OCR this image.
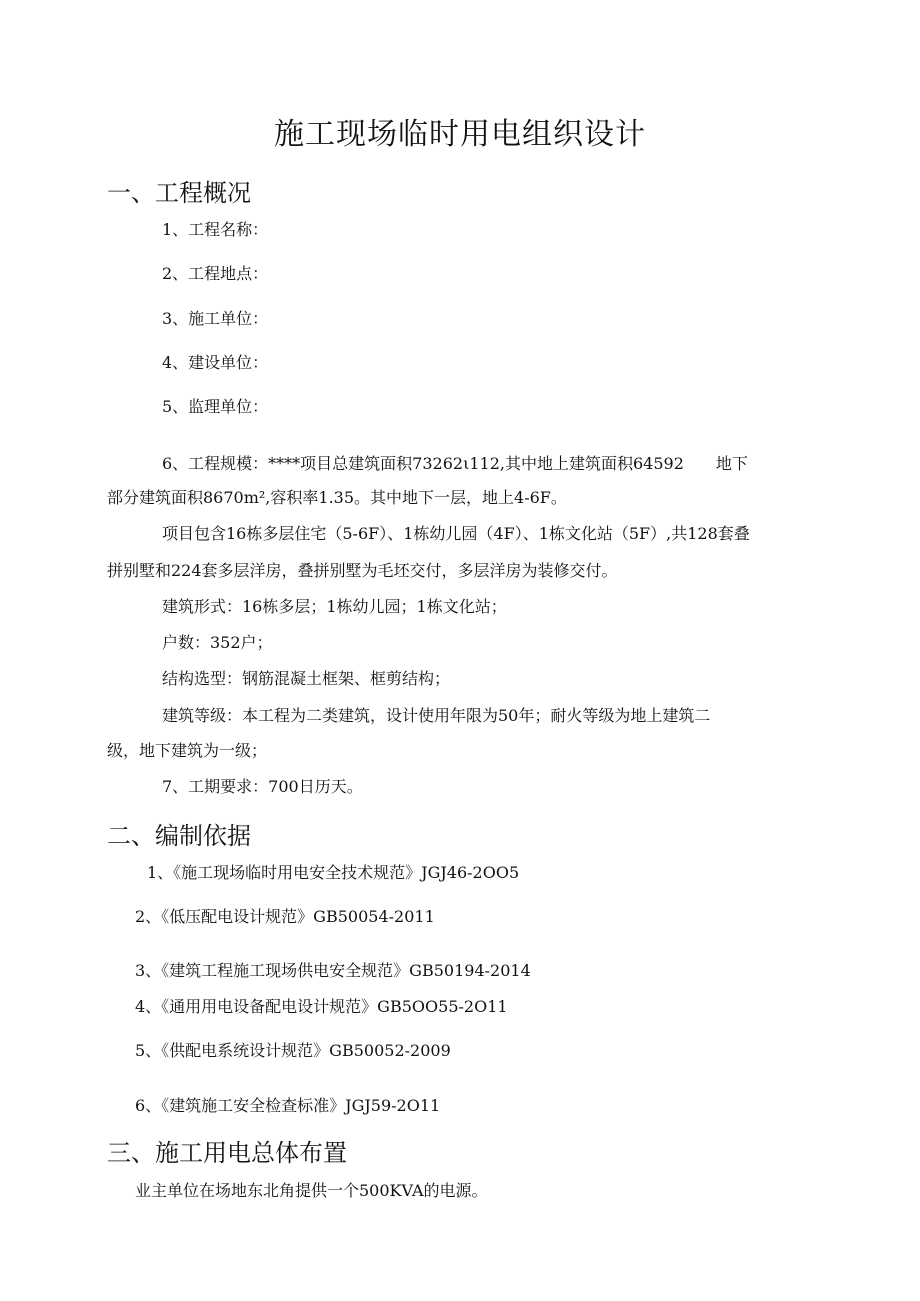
施工现场临时用电组织设计
一、工程概况
1、工程名称：
2、工程地点：
3、施工单位：
4、建设单位：
5、监理单位：
6、工程规模：****项目总建筑面积73262ι112,其中地上建筑面积64592　　地下
部分建筑面积8670m²,容积率1.35。其中地下一层，地上4-6F。
项目包含16栋多层住宅（5-6F）、1栋幼儿园（4F）、1栋文化站（5F）,共128套叠
拼别墅和224套多层洋房，叠拼别墅为毛坯交付，多层洋房为装修交付。
建筑形式：16栋多层；1栋幼儿园；1栋文化站；
户数：352户；
结构选型：钢筋混凝土框架、框剪结构；
建筑等级：本工程为二类建筑，设计使用年限为50年；耐火等级为地上建筑二
级，地下建筑为一级；
7、工期要求：700日历天。
二、编制依据
1、《施工现场临时用电安全技术规范》JGJ46-2OO5
2、《低压配电设计规范》GB50054-2011
3、《建筑工程施工现场供电安全规范》GB50194-2014
4、《通用用电设备配电设计规范》GB5OO55-2O11
5、《供配电系统设计规范》GB50052-2009
6、《建筑施工安全检查标准》JGJ59-2O11
三、施工用电总体布置
业主单位在场地东北角提供一个500KVA的电源。
